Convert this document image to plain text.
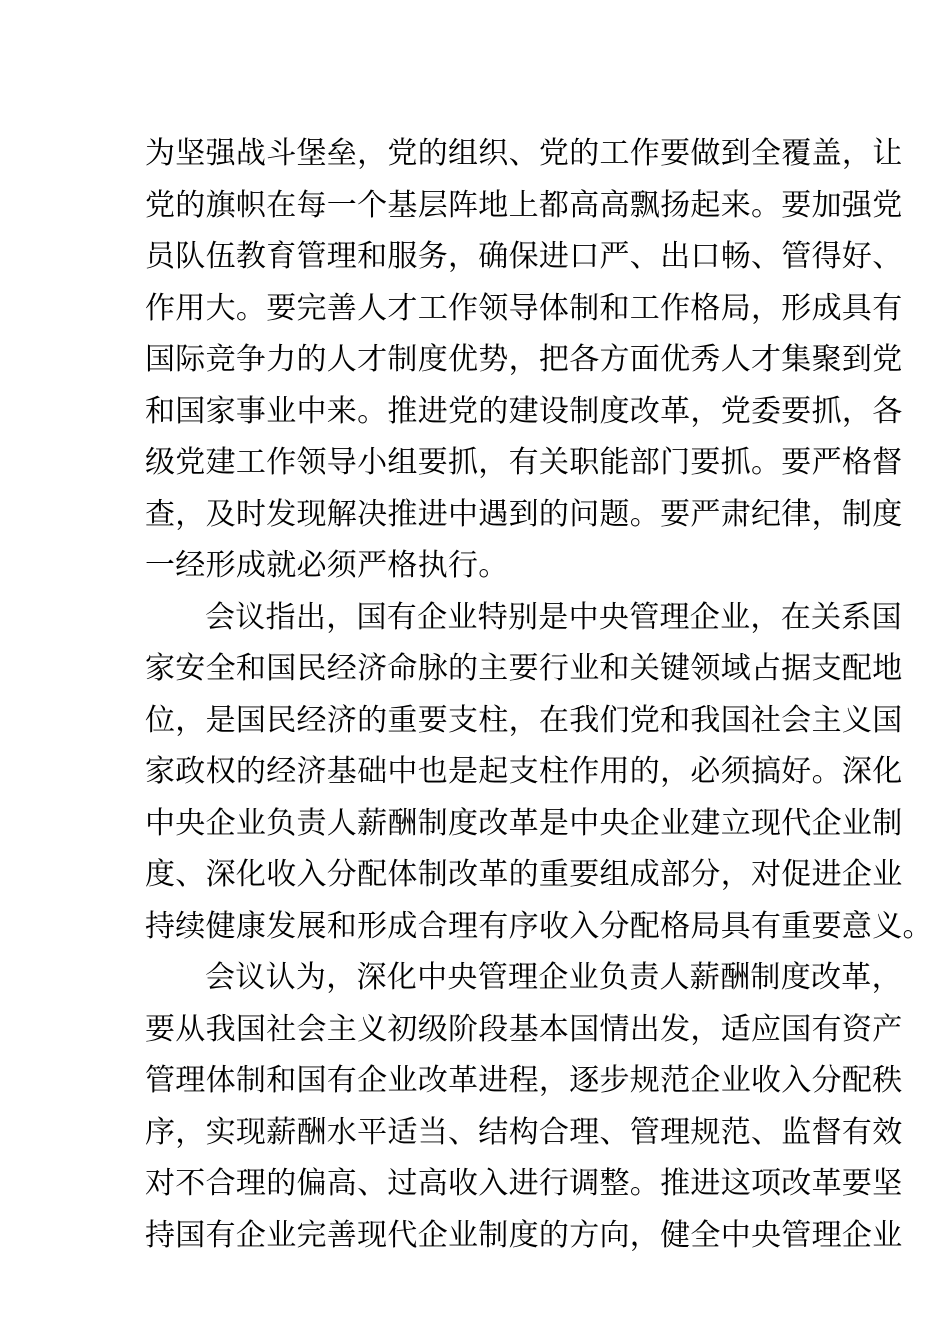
为坚强战斗堡垒，党的组织、党的工作要做到全覆盖，让
党的旗帜在每一个基层阵地上都高高飘扬起来。要加强党
员队伍教育管理和服务，确保进口严、出口畅、管得好、
作用大。要完善人才工作领导体制和工作格局，形成具有
国际竞争力的人才制度优势，把各方面优秀人才集聚到党
和国家事业中来。推进党的建设制度改革，党委要抓，各
级党建工作领导小组要抓，有关职能部门要抓。要严格督
查，及时发现解决推进中遇到的问题。要严肃纪律，制度
一经形成就必须严格执行。
会议指出，国有企业特别是中央管理企业，在关系国
家安全和国民经济命脉的主要行业和关键领域占据支配地
位，是国民经济的重要支柱，在我们党和我国社会主义国
家政权的经济基础中也是起支柱作用的，必须搞好。深化
中央企业负责人薪酬制度改革是中央企业建立现代企业制
度、深化收入分配体制改革的重要组成部分，对促进企业
持续健康发展和形成合理有序收入分配格局具有重要意义。
会议认为，深化中央管理企业负责人薪酬制度改革，
要从我国社会主义初级阶段基本国情出发，适应国有资产
管理体制和国有企业改革进程，逐步规范企业收入分配秩
序，实现薪酬水平适当、结构合理、管理规范、监督有效
对不合理的偏高、过高收入进行调整。推进这项改革要坚
持国有企业完善现代企业制度的方向，健全中央管理企业
